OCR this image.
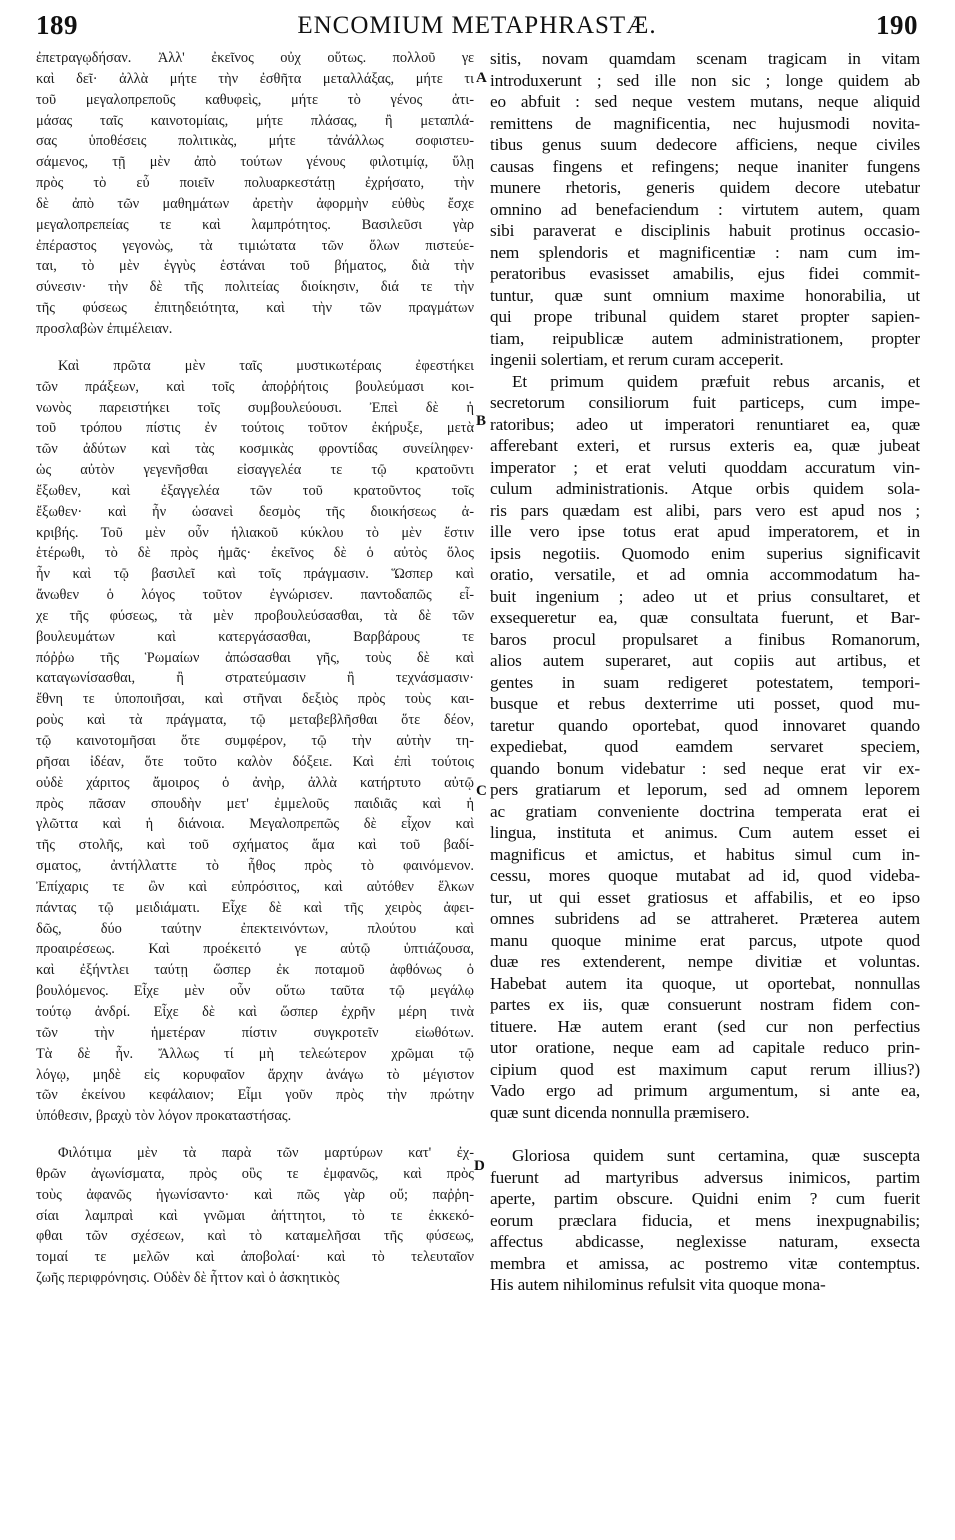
189	ENCOMIUM METAPHRASTÆ.	190
ἐπετραγῳδήσαν. Ἀλλ' ἐκεῖνος οὐχ οὕτως. πολλοῦ γε
καὶ δεῖ· ἀλλὰ μήτε τὴν ἐσθῆτα μεταλλάξας, μήτε τι
τοῦ μεγαλοπρεποῦς καθυφεὶς, μήτε τὸ γένος ἀτι-
μάσας ταῖς καινοτομίαις, μήτε πλάσας, ἢ μεταπλά-
σας ὑποθέσεις πολιτικὰς, μήτε τἀνάλλως σοφιστευ-
σάμενος, τῇ μὲν ἀπὸ τούτων γένους φιλοτιμίᾳ, ὕλῃ
πρὸς τὸ εὖ ποιεῖν πολυαρκεστάτῃ ἐχρήσατο, τὴν
δὲ ἀπὸ τῶν μαθημάτων ἀρετὴν ἀφορμὴν εὐθὺς ἔσχε
μεγαλοπρεπείας τε καὶ λαμπρότητος. Βασιλεῦσι γὰρ
ἐπέραστος γεγονὼς, τὰ τιμιώτατα τῶν ὅλων πιστεύε-
ται, τὸ μὲν ἐγγὺς ἑστάναι τοῦ βήματος, διὰ τὴν
σύνεσιν· τὴν δὲ τῆς πολιτείας διοίκησιν, διά τε τὴν
τῆς φύσεως ἐπιτηδειότητα, καὶ τὴν τῶν πραγμάτων
προσλαβὼν ἐπιμέλειαν.
Καὶ πρῶτα μὲν ταῖς μυστικωτέραις ἐφεστήκει
τῶν πράξεων, καὶ τοῖς ἀποῤῥήτοις βουλεύμασι κοι-
νωνὸς παρειστήκει τοῖς συμβουλεύουσι. Ἐπεὶ δὲ ἡ
τοῦ τρόπου πίστις ἐν τούτοις τοῦτον ἐκήρυξε, μετὰ
τῶν ἀδύτων καὶ τὰς κοσμικὰς φροντίδας συνείληφεν·
ὡς αὐτὸν γεγενῆσθαι εἰσαγγελέα τε τῷ κρατοῦντι
ἔξωθεν, καὶ ἐξαγγελέα τῶν τοῦ κρατοῦντος τοῖς
ἔξωθεν· καὶ ἦν ὡσανεὶ δεσμὸς τῆς διοικήσεως ἀ-
κριβής. Τοῦ μὲν οὖν ἡλιακοῦ κύκλου τὸ μὲν ἔστιν
ἑτέρωθι, τὸ δὲ πρὸς ἡμᾶς· ἐκεῖνος δὲ ὁ αὐτὸς ὅλος
ἦν καὶ τῷ βασιλεῖ καὶ τοῖς πράγμασιν. Ὥσπερ καὶ
ἄνωθεν ὁ λόγος τοῦτον ἐγνώρισεν. παντοδαπῶς εἶ-
χε τῆς φύσεως, τὰ μὲν προβουλεύσασθαι, τὰ δὲ τῶν
βουλευμάτων καὶ κατεργάσασθαι, Βαρβάρους τε
πόῤῥω τῆς Ῥωμαίων ἀπώσασθαι γῆς, τοὺς δὲ καὶ
καταγωνίσασθαι, ἢ στρατεύμασιν ἢ τεχνάσμασιν·
ἔθνη τε ὑποποιῆσαι, καὶ στῆναι δεξιὸς πρὸς τοὺς και-
ροὺς καὶ τὰ πράγματα, τῷ μεταβεβλῆσθαι ὅτε δέον,
τῷ καινοτομῆσαι ὅτε συμφέρον, τῷ τὴν αὐτὴν τη-
ρῆσαι ἰδέαν, ὅτε τοῦτο καλὸν δόξειε. Καὶ ἐπὶ τούτοις
οὐδὲ χάριτος ἄμοιρος ὁ ἀνὴρ, ἀλλὰ κατήρτυτο αὐτῷ
πρὸς πᾶσαν σπουδὴν μετ' ἐμμελοῦς παιδιᾶς καὶ ἡ
γλῶττα καὶ ἡ διάνοια. Μεγαλοπρεπῶς δὲ εἶχον καὶ
τῆς στολῆς, καὶ τοῦ σχήματος ἅμα καὶ τοῦ βαδί-
σματος, ἀντήλλαττε τὸ ἦθος πρὸς τὸ φαινόμενον.
Ἐπίχαρις τε ὢν καὶ εὐπρόσιτος, καὶ αὐτόθεν ἕλκων
πάντας τῷ μειδιάματι. Εἶχε δὲ καὶ τῆς χειρὸς ἀφει-
δῶς, δύο ταύτην ἐπεκτεινόντων, πλούτου καὶ
προαιρέσεως. Καὶ προέκειτό γε αὐτῷ ὑπτιάζουσα,
καὶ ἐξήντλει ταύτῃ ὥσπερ ἐκ ποταμοῦ ἀφθόνως ὁ
βουλόμενος. Εἶχε μὲν οὖν οὕτω ταῦτα τῷ μεγάλῳ
τούτῳ ἀνδρί. Εἶχε δὲ καὶ ὥσπερ ἐχρῆν μέρη τινὰ
τῶν τὴν ἡμετέραν πίστιν συγκροτεῖν εἰωθότων.
Τὰ δὲ ἦν. Ἄλλως τί μὴ τελεώτερον χρῶμαι τῷ
λόγῳ, μηδὲ εἰς κορυφαῖον ἄρχην ἀνάγω τὸ μέγιστον
τῶν ἐκείνου κεφάλαιον; Εἶμι γοῦν πρὸς τὴν πρώτην
ὑπόθεσιν, βραχὺ τὸν λόγον προκαταστήσας.
Φιλότιμα μὲν τὰ παρὰ τῶν μαρτύρων κατ' ἐχ-
θρῶν ἀγωνίσματα, πρὸς οὓς τε ἐμφανῶς, καὶ πρὸς
τοὺς ἀφανῶς ἠγωνίσαντο· καὶ πῶς γὰρ οὔ; παῤῥη-
σίαι λαμπραὶ καὶ γνῶμαι ἀήττητοι, τὸ τε ἐκκεκό-
φθαι τῶν σχέσεων, καὶ τὸ καταμελῆσαι τῆς φύσεως,
τομαί τε μελῶν καὶ ἀποβολαί· καὶ τὸ τελευταῖον
ζωῆς περιφρόνησις. Οὐδὲν δὲ ἧττον καὶ ὁ ἀσκητικὸς
sitis, novam quamdam scenam tragicam in vitam
introduxerunt ; sed ille non sic ; longe quidem ab
eo abfuit : sed neque vestem mutans, neque aliquid
remittens de magnificentia, nec hujusmodi novita-
tibus genus suum dedecore afficiens, neque civiles
causas fingens et refingens; neque inaniter fungens
munere rhetoris, generis quidem decore utebatur
omnino ad benefaciendum : virtutem autem, quam
sibi paraverat e disciplinis habuit protinus occasio-
nem splendoris et magnificentiæ : nam cum im-
peratoribus evasisset amabilis, ejus fidei commit-
tuntur, quæ sunt omnium maxime honorabilia, ut
qui prope tribunal quidem staret propter sapien-
tiam, reipublicæ autem administrationem, propter
ingenii solertiam, et rerum curam acceperit.
Et primum quidem præfuit rebus arcanis, et
secretorum consiliorum fuit particeps, cum impe-
ratoribus; adeo ut imperatori renuntiaret ea, quæ
afferebant exteri, et rursus exteris ea, quæ jubeat
imperator ; et erat veluti quoddam accuratum vin-
culum administrationis. Atque orbis quidem sola-
ris pars quædam est alibi, pars vero est apud nos ;
ille vero ipse totus erat apud imperatorem, et in
ipsis negotiis. Quomodo enim superius significavit
oratio, versatile, et ad omnia accommodatum ha-
buit ingenium ; adeo ut et prius consultaret, et
exsequeretur ea, quæ consultata fuerunt, et Bar-
baros procul propulsaret a finibus Romanorum,
alios autem superaret, aut copiis aut artibus, et
gentes in suam redigeret potestatem, tempori-
busque et rebus dexterrime uti posset, quod mu-
taretur quando oportebat, quod innovaret quando
expediebat, quod eamdem servaret speciem,
quando bonum videbatur : sed neque erat vir ex-
pers gratiarum et leporum, sed ad omnem leporem
ac gratiam conveniente doctrina temperata erat ei
lingua, instituta et animus. Cum autem esset ei
magnificus et amictus, et habitus simul cum in-
cessu, mores quoque mutabat ad id, quod videba-
tur, ut qui esset gratiosus et affabilis, et eo ipso
omnes subridens ad se attraheret. Præterea autem
manu quoque minime erat parcus, utpote quod
duæ res extenderent, nempe divitiæ et voluntas.
Habebat autem ita quoque, ut oportebat, nonnullas
partes ex iis, quæ consuerunt nostram fidem con-
tituere. Hæ autem erant (sed cur non perfectius
utor oratione, neque eam ad capitale reduco prin-
cipium quod est maximum caput rerum illius?)
Vado ergo ad primum argumentum, si ante ea,
quæ sunt dicenda nonnulla præmisero.
Gloriosa quidem sunt certamina, quæ suscepta
fuerunt ad martyribus adversus inimicos, partim
aperte, partim obscure. Quidni enim ? cum fuerit
eorum præclara fiducia, et mens inexpugnabilis;
affectus abdicasse, neglexisse naturam, exsecta
membra et amissa, ac postremo vitæ contemptus.
His autem nihilominus refulsit vita quoque mona-
A
B
C
D
